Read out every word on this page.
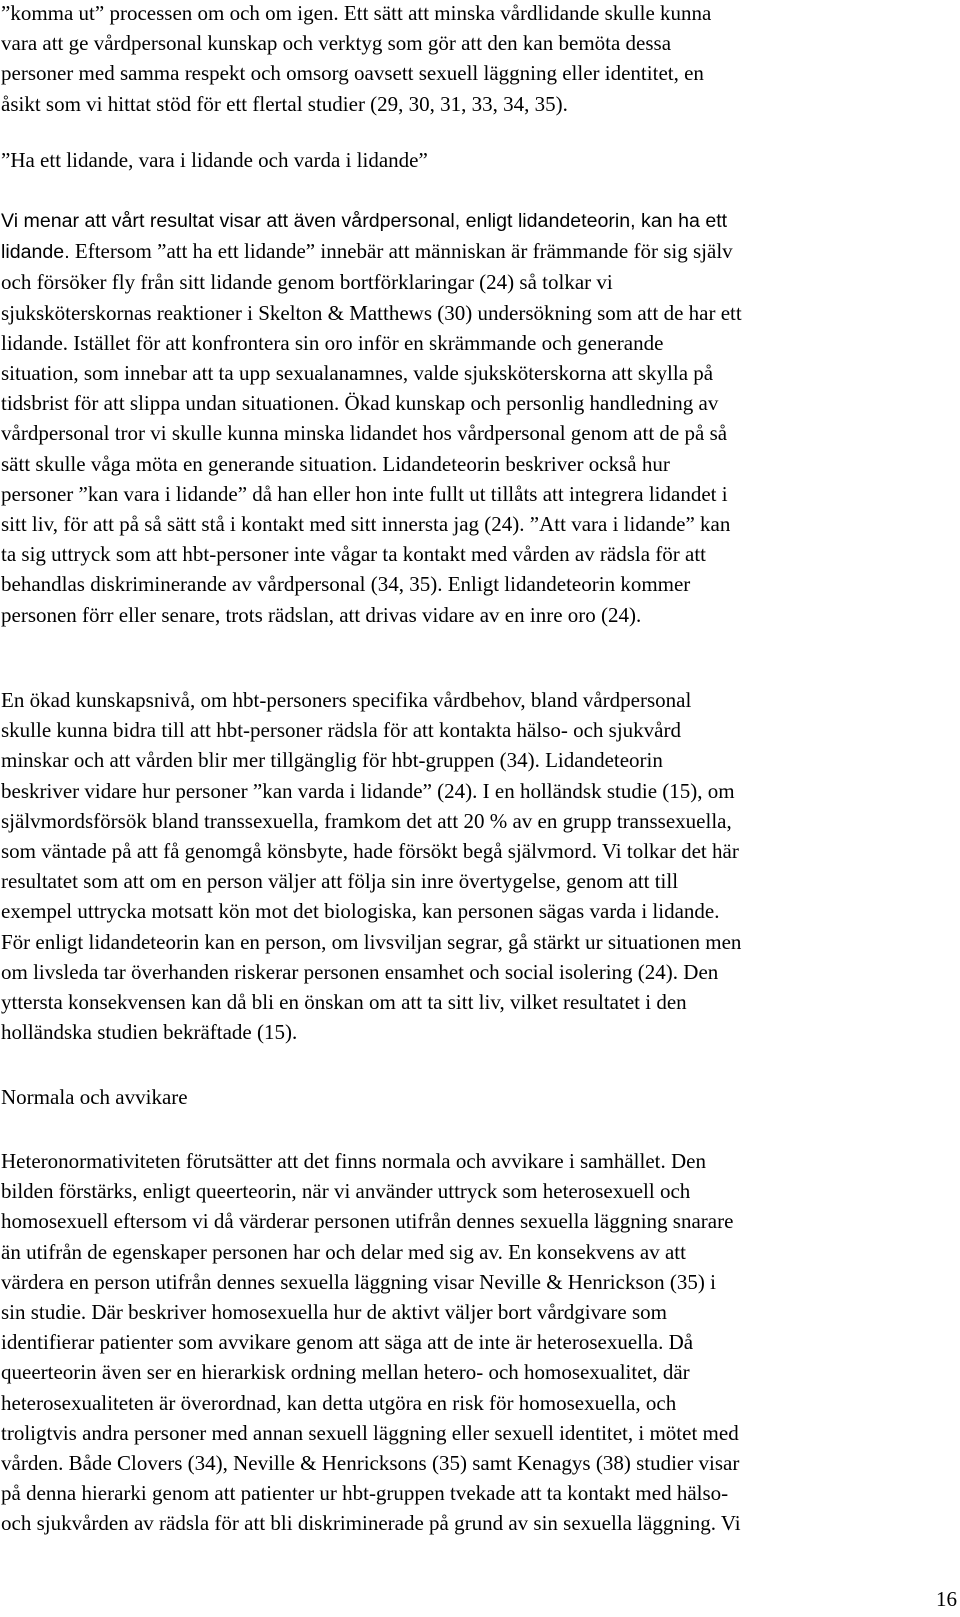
”komma ut” processen om och om igen. Ett sätt att minska vårdlidande skulle kunna
vara att ge vårdpersonal kunskap och verktyg som gör att den kan bemöta dessa
personer med samma respekt och omsorg oavsett sexuell läggning eller identitet, en
åsikt som vi hittat stöd för ett flertal studier (29, 30, 31, 33, 34, 35).

”Ha ett lidande, vara i lidande och varda i lidande”

Vi menar att vårt resultat visar att även vårdpersonal, enligt lidandeteorin, kan ha ett
lidande. Eftersom ”att ha ett lidande” innebär att människan är främmande för sig själv
och försöker fly från sitt lidande genom bortförklaringar (24) så tolkar vi
sjuksköterskornas reaktioner i Skelton & Matthews (30) undersökning som att de har ett
lidande. Istället för att konfrontera sin oro inför en skrämmande och generande
situation, som innebar att ta upp sexualanamnes, valde sjuksköterskorna att skylla på
tidsbrist för att slippa undan situationen. Ökad kunskap och personlig handledning av
vårdpersonal tror vi skulle kunna minska lidandet hos vårdpersonal genom att de på så
sätt skulle våga möta en generande situation. Lidandeteorin beskriver också hur
personer ”kan vara i lidande” då han eller hon inte fullt ut tillåts att integrera lidandet i
sitt liv, för att på så sätt stå i kontakt med sitt innersta jag (24). ”Att vara i lidande” kan
ta sig uttryck som att hbt-personer inte vågar ta kontakt med vården av rädsla för att
behandlas diskriminerande av vårdpersonal (34, 35). Enligt lidandeteorin kommer
personen förr eller senare, trots rädslan, att drivas vidare av en inre oro (24).

En ökad kunskapsnivå, om hbt-personers specifika vårdbehov, bland vårdpersonal
skulle kunna bidra till att hbt-personer rädsla för att kontakta hälso- och sjukvård
minskar och att vården blir mer tillgänglig för hbt-gruppen (34). Lidandeteorin
beskriver vidare hur personer ”kan varda i lidande” (24). I en holländsk studie (15), om
självmordsförsök bland transsexuella, framkom det att 20 % av en grupp transsexuella,
som väntade på att få genomgå könsbyte, hade försökt begå självmord. Vi tolkar det här
resultatet som att om en person väljer att följa sin inre övertygelse, genom att till
exempel uttrycka motsatt kön mot det biologiska, kan personen sägas varda i lidande.
För enligt lidandeteorin kan en person, om livsviljan segrar, gå stärkt ur situationen men
om livsleda tar överhanden riskerar personen ensamhet och social isolering (24). Den
yttersta konsekvensen kan då bli en önskan om att ta sitt liv, vilket resultatet i den
holländska studien bekräftade (15).

Normala och avvikare

Heteronormativiteten förutsätter att det finns normala och avvikare i samhället. Den
bilden förstärks, enligt queerteorin, när vi använder uttryck som heterosexuell och
homosexuell eftersom vi då värderar personen utifrån dennes sexuella läggning snarare
än utifrån de egenskaper personen har och delar med sig av. En konsekvens av att
värdera en person utifrån dennes sexuella läggning visar Neville & Henrickson (35) i
sin studie. Där beskriver homosexuella hur de aktivt väljer bort vårdgivare som
identifierar patienter som avvikare genom att säga att de inte är heterosexuella. Då
queerteorin även ser en hierarkisk ordning mellan hetero- och homosexualitet, där
heterosexualiteten är överordnad, kan detta utgöra en risk för homosexuella, och
troligtvis andra personer med annan sexuell läggning eller sexuell identitet, i mötet med
vården. Både Clovers (34), Neville & Henricksons (35) samt Kenagys (38) studier visar
på denna hierarki genom att patienter ur hbt-gruppen tvekade att ta kontakt med hälso-
och sjukvården av rädsla för att bli diskriminerade på grund av sin sexuella läggning. Vi

16
